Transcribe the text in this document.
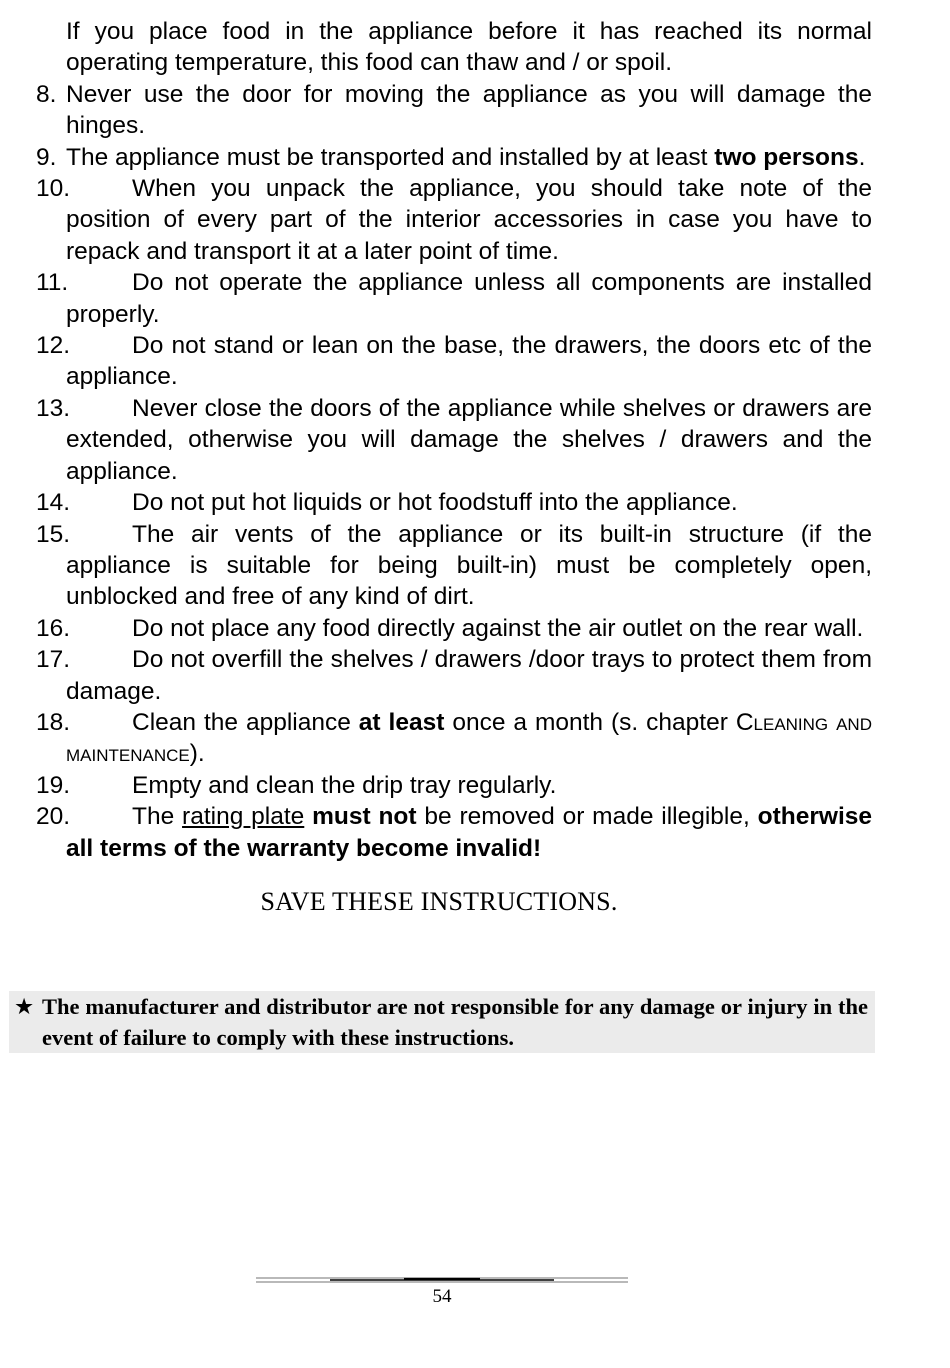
If you place food in the appliance before it has reached its normal operating temperature, this food can thaw and / or spoil.

8. Never use the door for moving the appliance as you will damage the hinges.
9. The appliance must be transported and installed by at least two persons.
10.	When you unpack the appliance, you should take note of the position of every part of the interior accessories in case you have to repack and transport it at a later point of time.
11.	Do not operate the appliance unless all components are installed properly.
12.	Do not stand or lean on the base, the drawers, the doors etc of the appliance.
13.	Never close the doors of the appliance while shelves or drawers are extended, otherwise you will damage the shelves / drawers and the appliance.
14.	Do not put hot liquids or hot foodstuff into the appliance.
15.	The air vents of the appliance or its built-in structure (if the appliance is suitable for being built-in) must be completely open, unblocked and free of any kind of dirt.
16.	Do not place any food directly against the air outlet on the rear wall.
17.	Do not overfill the shelves / drawers /door trays to protect them from damage.
18.	Clean the appliance at least once a month (s. chapter Cleaning and maintenance).
19.	Empty and clean the drip tray regularly.
20.	The rating plate must not be removed or made illegible, otherwise all terms of the warranty become invalid!
SAVE THESE INSTRUCTIONS.
★ The manufacturer and distributor are not responsible for any damage or injury in the event of failure to comply with these instructions.
54
